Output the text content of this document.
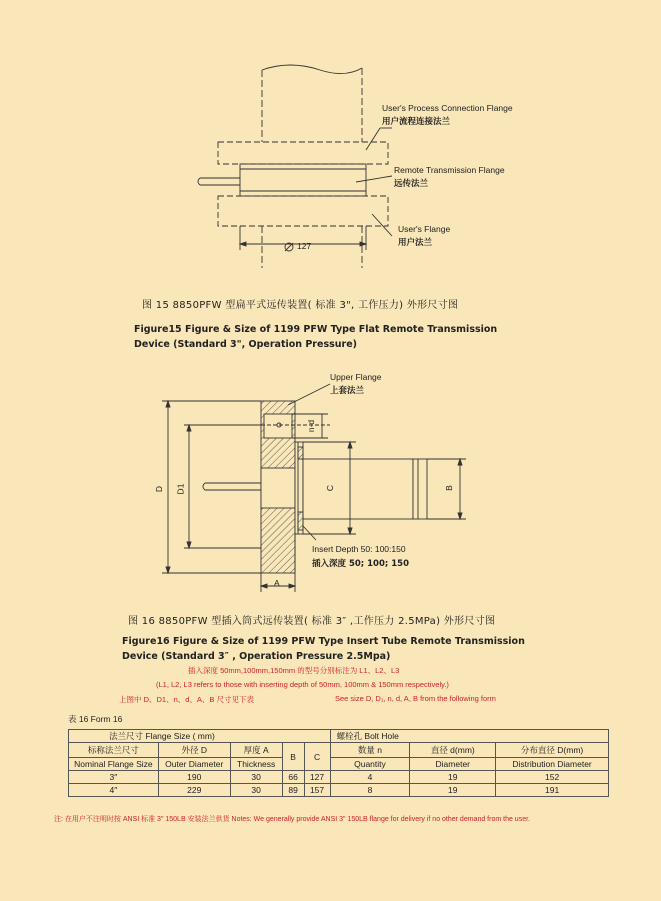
User's Process Connection Flange
用户流程连接法兰
Remote Transmission Flange
远传法兰
User's Flange
用户法兰
127
图 15 8850PFW 型扁平式远传装置( 标准 3", 工作压力) 外形尺寸图
Figure15 Figure & Size of 1199 PFW Type Flat Remote Transmission
Device (Standard 3", Operation Pressure)
Upper Flange
上套法兰
D D1
n-d
C	B
A
Insert Depth 50: 100:150
插入深度 50; 100; 150
图 16 8850PFW 型插入筒式远传装置( 标准 3″ ,工作压力 2.5MPa) 外形尺寸图
Figure16 Figure & Size of 1199 PFW Type Insert Tube Remote Transmission
Device (Standard 3″ , Operation Pressure 2.5Mpa)
插入深度 50mm,100mm,150mm 的型号分别标注为 L1、L2、L3
(L1, L2, L3 refers to those with inserting depth of 50mm, 100mm & 150mm respectively.)
上图中 D、D1、n、d、A、B 尺寸见下表	See size D, D₁, n, d, A, B from the following form
表 16 Form 16
法兰尺寸 Flange Size ( mm)					螺栓孔 Bolt Hole		
标称法兰尺寸	外径 D	厚度 A	B	C	数量 n	直径 d(mm)	分布直径 D(mm)
Nominal Flange Size	Outer Diameter	Thickness			Quantity	Diameter	Distribution Diameter
3″	190	30	66	127	4	19	152
4″	229	30	89	157	8	19	191
注: 在用户不注明时按 ANSI 标准 3″ 150LB 安装法兰供货 Notes: We generally provide ANSI 3" 150LB flange for delivery if no other demand from the user.
